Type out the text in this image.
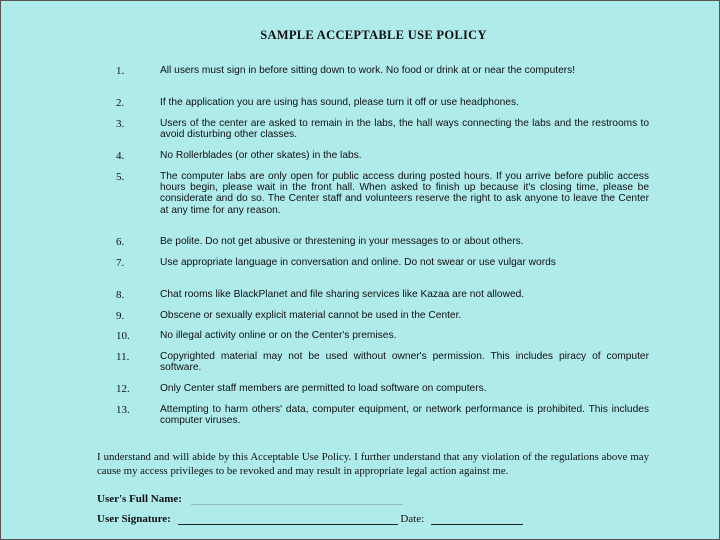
SAMPLE ACCEPTABLE USE POLICY
1.	All users must sign in before sitting down to work. No food or drink at or near the computers!
2.	If the application you are using has sound, please turn it off or use headphones.
3.	Users of the center are asked to remain in the labs, the hall ways connecting the labs and the restrooms to avoid disturbing other classes.
4.	No Rollerblades (or other skates) in the labs.
5.	The computer labs are only open for public access during posted hours. If you arrive before public access hours begin, please wait in the front hall. When asked to finish up because it's closing time, please be considerate and do so. The Center staff and volunteers reserve the right to ask anyone to leave the Center at any time for any reason.
6.	Be polite. Do not get abusive or threstening in your messages to or about others.
7.	Use appropriate language in conversation and online. Do not swear or use vulgar words
8.	Chat rooms like BlackPlanet and file sharing services like Kazaa are not allowed.
9.	Obscene or sexually explicit material cannot be used in the Center.
10.	No illegal activity online or on the Center's premises.
11.	Copyrighted material may not be used without owner's permission. This includes piracy of computer software.
12.	Only Center staff members are permitted to load software on computers.
13.	Attempting to harm others' data, computer equipment, or network performance is prohibited. This includes computer viruses.
I understand and will abide by this Acceptable Use Policy. I further understand that any violation of the regulations above may cause my access privileges to be revoked and may result in appropriate legal action against me.
User's Full Name:
User Signature:	Date:
